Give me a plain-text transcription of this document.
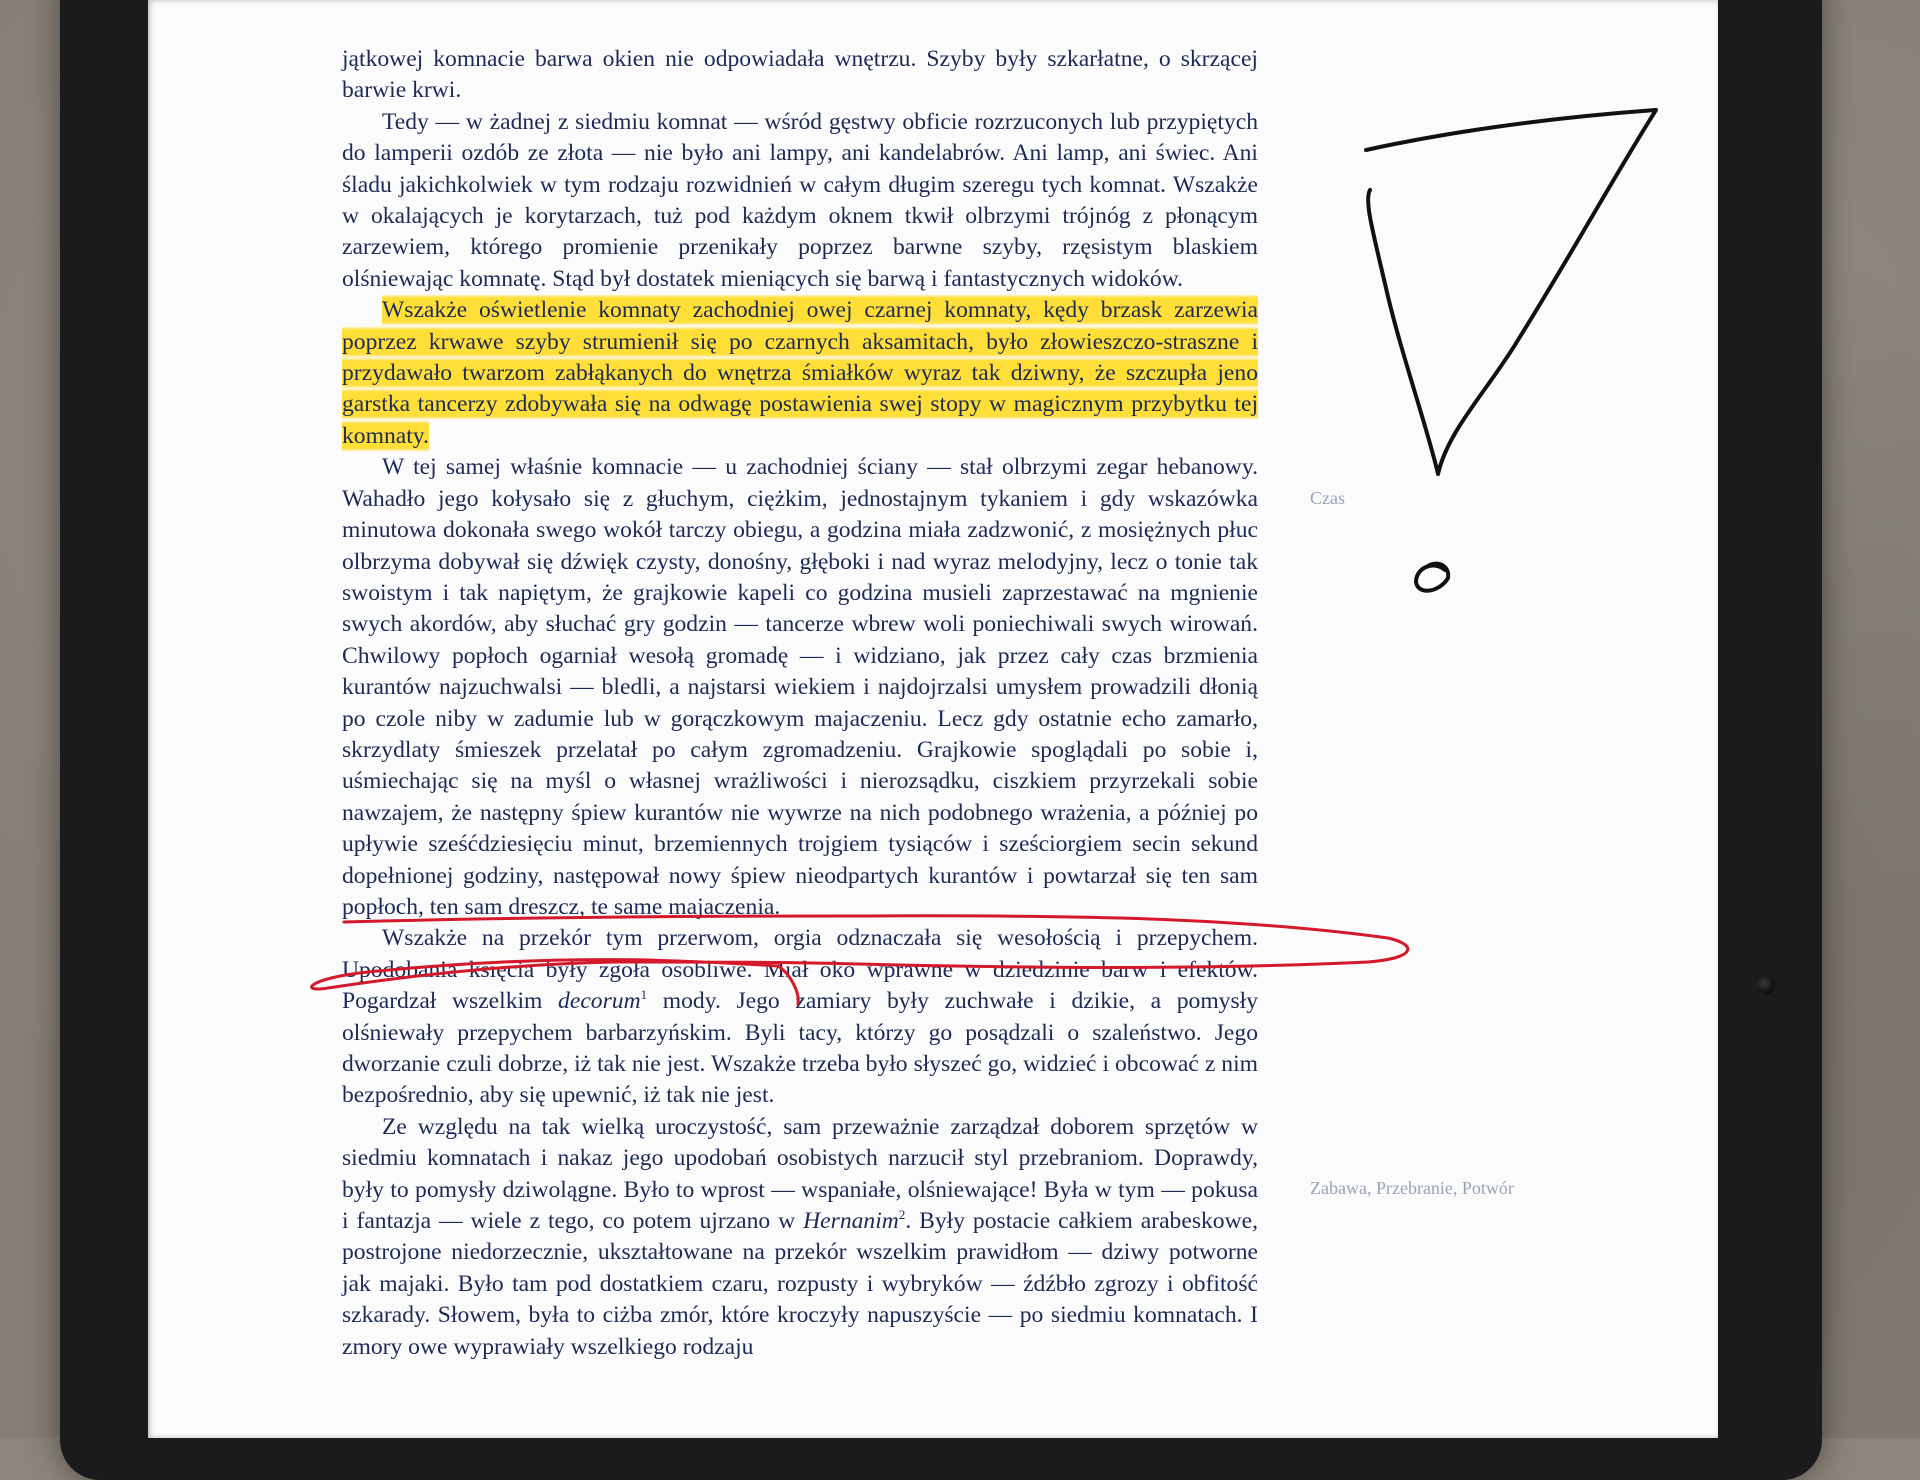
jątkowej komnacie barwa okien nie odpowiadała wnętrzu. Szyby były szkarłatne, o skrzącej barwie krwi.

Tedy — w żadnej z siedmiu komnat — wśród gęstwy obficie rozrzuconych lub przypiętych do lamperii ozdób ze złota — nie było ani lampy, ani kandelabrów. Ani lamp, ani świec. Ani śladu jakichkolwiek w tym rodzaju rozwidnień w całym długim szeregu tych komnat. Wszakże w okalających je korytarzach, tuż pod każdym oknem tkwił olbrzymi trójnóg z płonącym zarzewiem, którego promienie przenikały poprzez barwne szyby, rzęsistym blaskiem olśniewając komnatę. Stąd był dostatek mieniących się barwą i fantastycznych widoków.

Wszakże oświetlenie komnaty zachodniej owej czarnej komnaty, kędy brzask zarzewia poprzez krwawe szyby strumienił się po czarnych aksamitach, było złowieszczo-straszne i przydawało twarzom zabłąkanych do wnętrza śmiałków wyraz tak dziwny, że szczupła jeno garstka tancerzy zdobywała się na odwagę postawienia swej stopy w magicznym przybytku tej komnaty.

W tej samej właśnie komnacie — u zachodniej ściany — stał olbrzymi zegar hebanowy. Wahadło jego kołysało się z głuchym, ciężkim, jednostajnym tykaniem i gdy wskazówka minutowa dokonała swego wokół tarczy obiegu, a godzina miała zadzwonić, z mosiężnych płuc olbrzyma dobywał się dźwięk czysty, donośny, głęboki i nad wyraz melodyjny, lecz o tonie tak swoistym i tak napiętym, że grajkowie kapeli co godzina musieli zaprzestawać na mgnienie swych akordów, aby słuchać gry godzin — tancerze wbrew woli poniechiwali swych wirowań. Chwilowy popłoch ogarniał wesołą gromadę — i widziano, jak przez cały czas brzmienia kurantów najzuchwalsi — bledli, a najstarsi wiekiem i najdojrzalsi umysłem prowadzili dłonią po czole niby w zadumie lub w gorączkowym majaczeniu. Lecz gdy ostatnie echo zamarło, skrzydlaty śmieszek przelatał po całym zgromadzeniu. Grajkowie spoglądali po sobie i, uśmiechając się na myśl o własnej wrażliwości i nierozsądku, ciszkiem przyrzekali sobie nawzajem, że następny śpiew kurantów nie wywrze na nich podobnego wrażenia, a później po upływie sześćdziesięciu minut, brzemiennych trojgiem tysiąców i sześciorgiem secin sekund dopełnionej godziny, następował nowy śpiew nieodpartych kurantów i powtarzał się ten sam popłoch, ten sam dreszcz, te same majaczenia.

Wszakże na przekór tym przerwom, orgia odznaczała się wesołością i przepychem. Upodobania księcia były zgoła osobliwe. Miał oko wprawne w dziedzinie barw i efektów. Pogardzał wszelkim decorum$^1$ mody. Jego zamiary były zuchwałe i dzikie, a pomysły olśniewały przepychem barbarzyńskim. Byli tacy, którzy go posądzali o szaleństwo. Jego dworzanie czuli dobrze, iż tak nie jest. Wszakże trzeba było słyszeć go, widzieć i obcować z nim bezpośrednio, aby się upewnić, iż tak nie jest.

Ze względu na tak wielką uroczystość, sam przeważnie zarządzał doborem sprzętów w siedmiu komnatach i nakaz jego upodobań osobistych narzucił styl przebraniom. Doprawdy, były to pomysły dziwolągne. Było to wprost — wspaniałe, olśniewające! Była w tym — pokusa i fantazja — wiele z tego, co potem ujrzano w Hernanim$^2$. Były postacie całkiem arabeskowe, postrojone niedorzecznie, ukształtowane na przekór wszelkim prawidłom — dziwy potworne jak majaki. Było tam pod dostatkiem czaru, rozpusty i wybryków — źdźbło zgrozy i obfitość szkarady. Słowem, była to ciżba zmór, które kroczyły napuszyście — po siedmiu komnatach. I zmory owe wyprawiały wszelkiego rodzaju

Czas
Zabawa, Przebranie, Potwór
